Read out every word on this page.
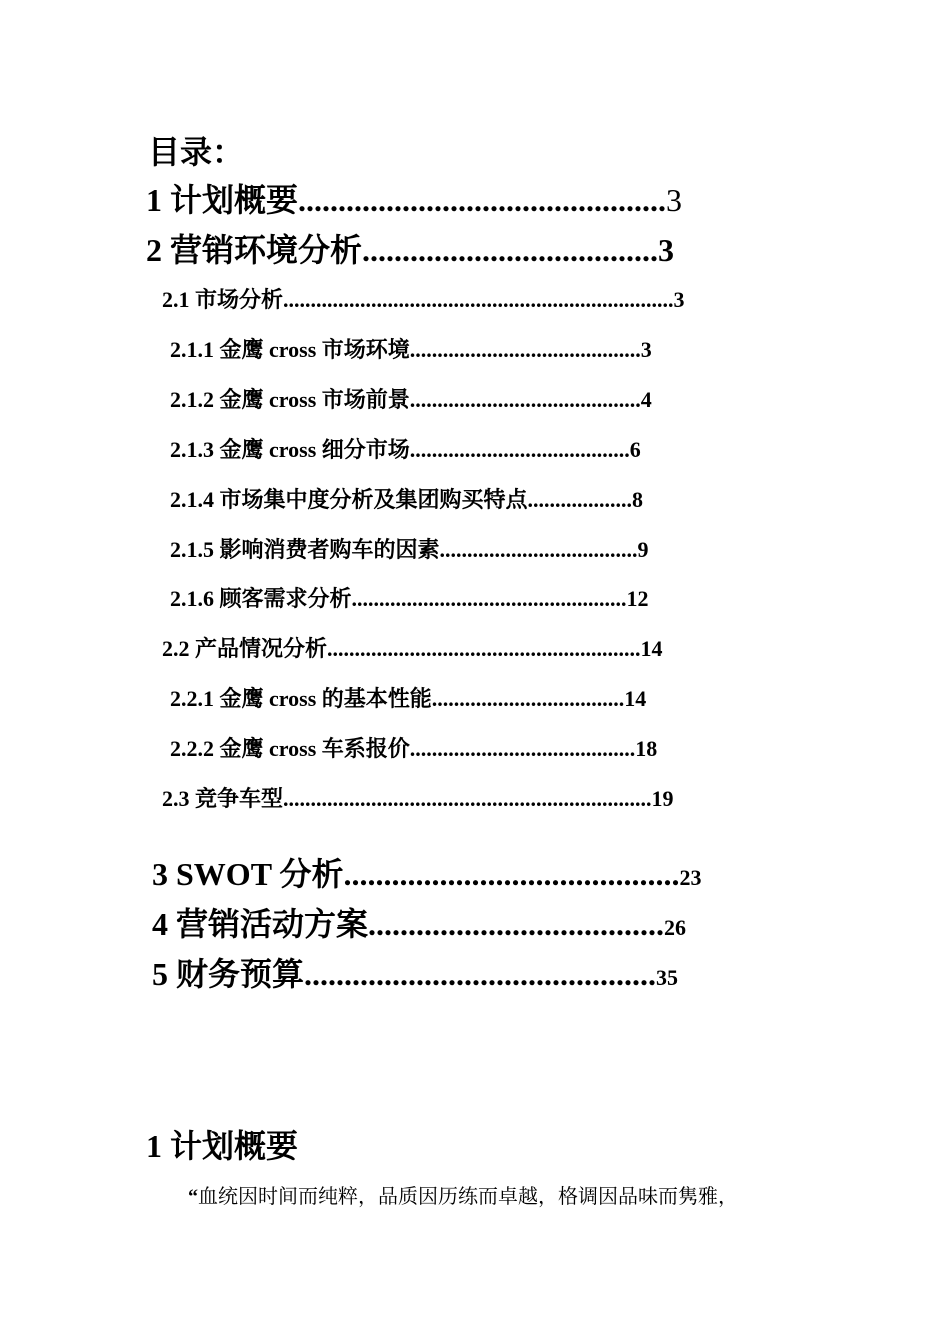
目录：
1 计划概要..............................................3
2 营销环境分析.....................................3
2.1 市场分析.......................................................................3
2.1.1 金鹰 cross 市场环境..........................................3
2.1.2 金鹰 cross 市场前景..........................................4
2.1.3 金鹰 cross 细分市场........................................6
2.1.4 市场集中度分析及集团购买特点...................8
2.1.5 影响消费者购车的因素....................................9
2.1.6 顾客需求分析..................................................12
2.2 产品情况分析.........................................................14
2.2.1 金鹰 cross 的基本性能...................................14
2.2.2 金鹰 cross 车系报价.........................................18
2.3 竞争车型...................................................................19
3 SWOT 分析..........................................23
4 营销活动方案.....................................26
5 财务预算............................................35
1 计划概要
“血统因时间而纯粹，品质因历练而卓越，格调因品味而隽雅，
